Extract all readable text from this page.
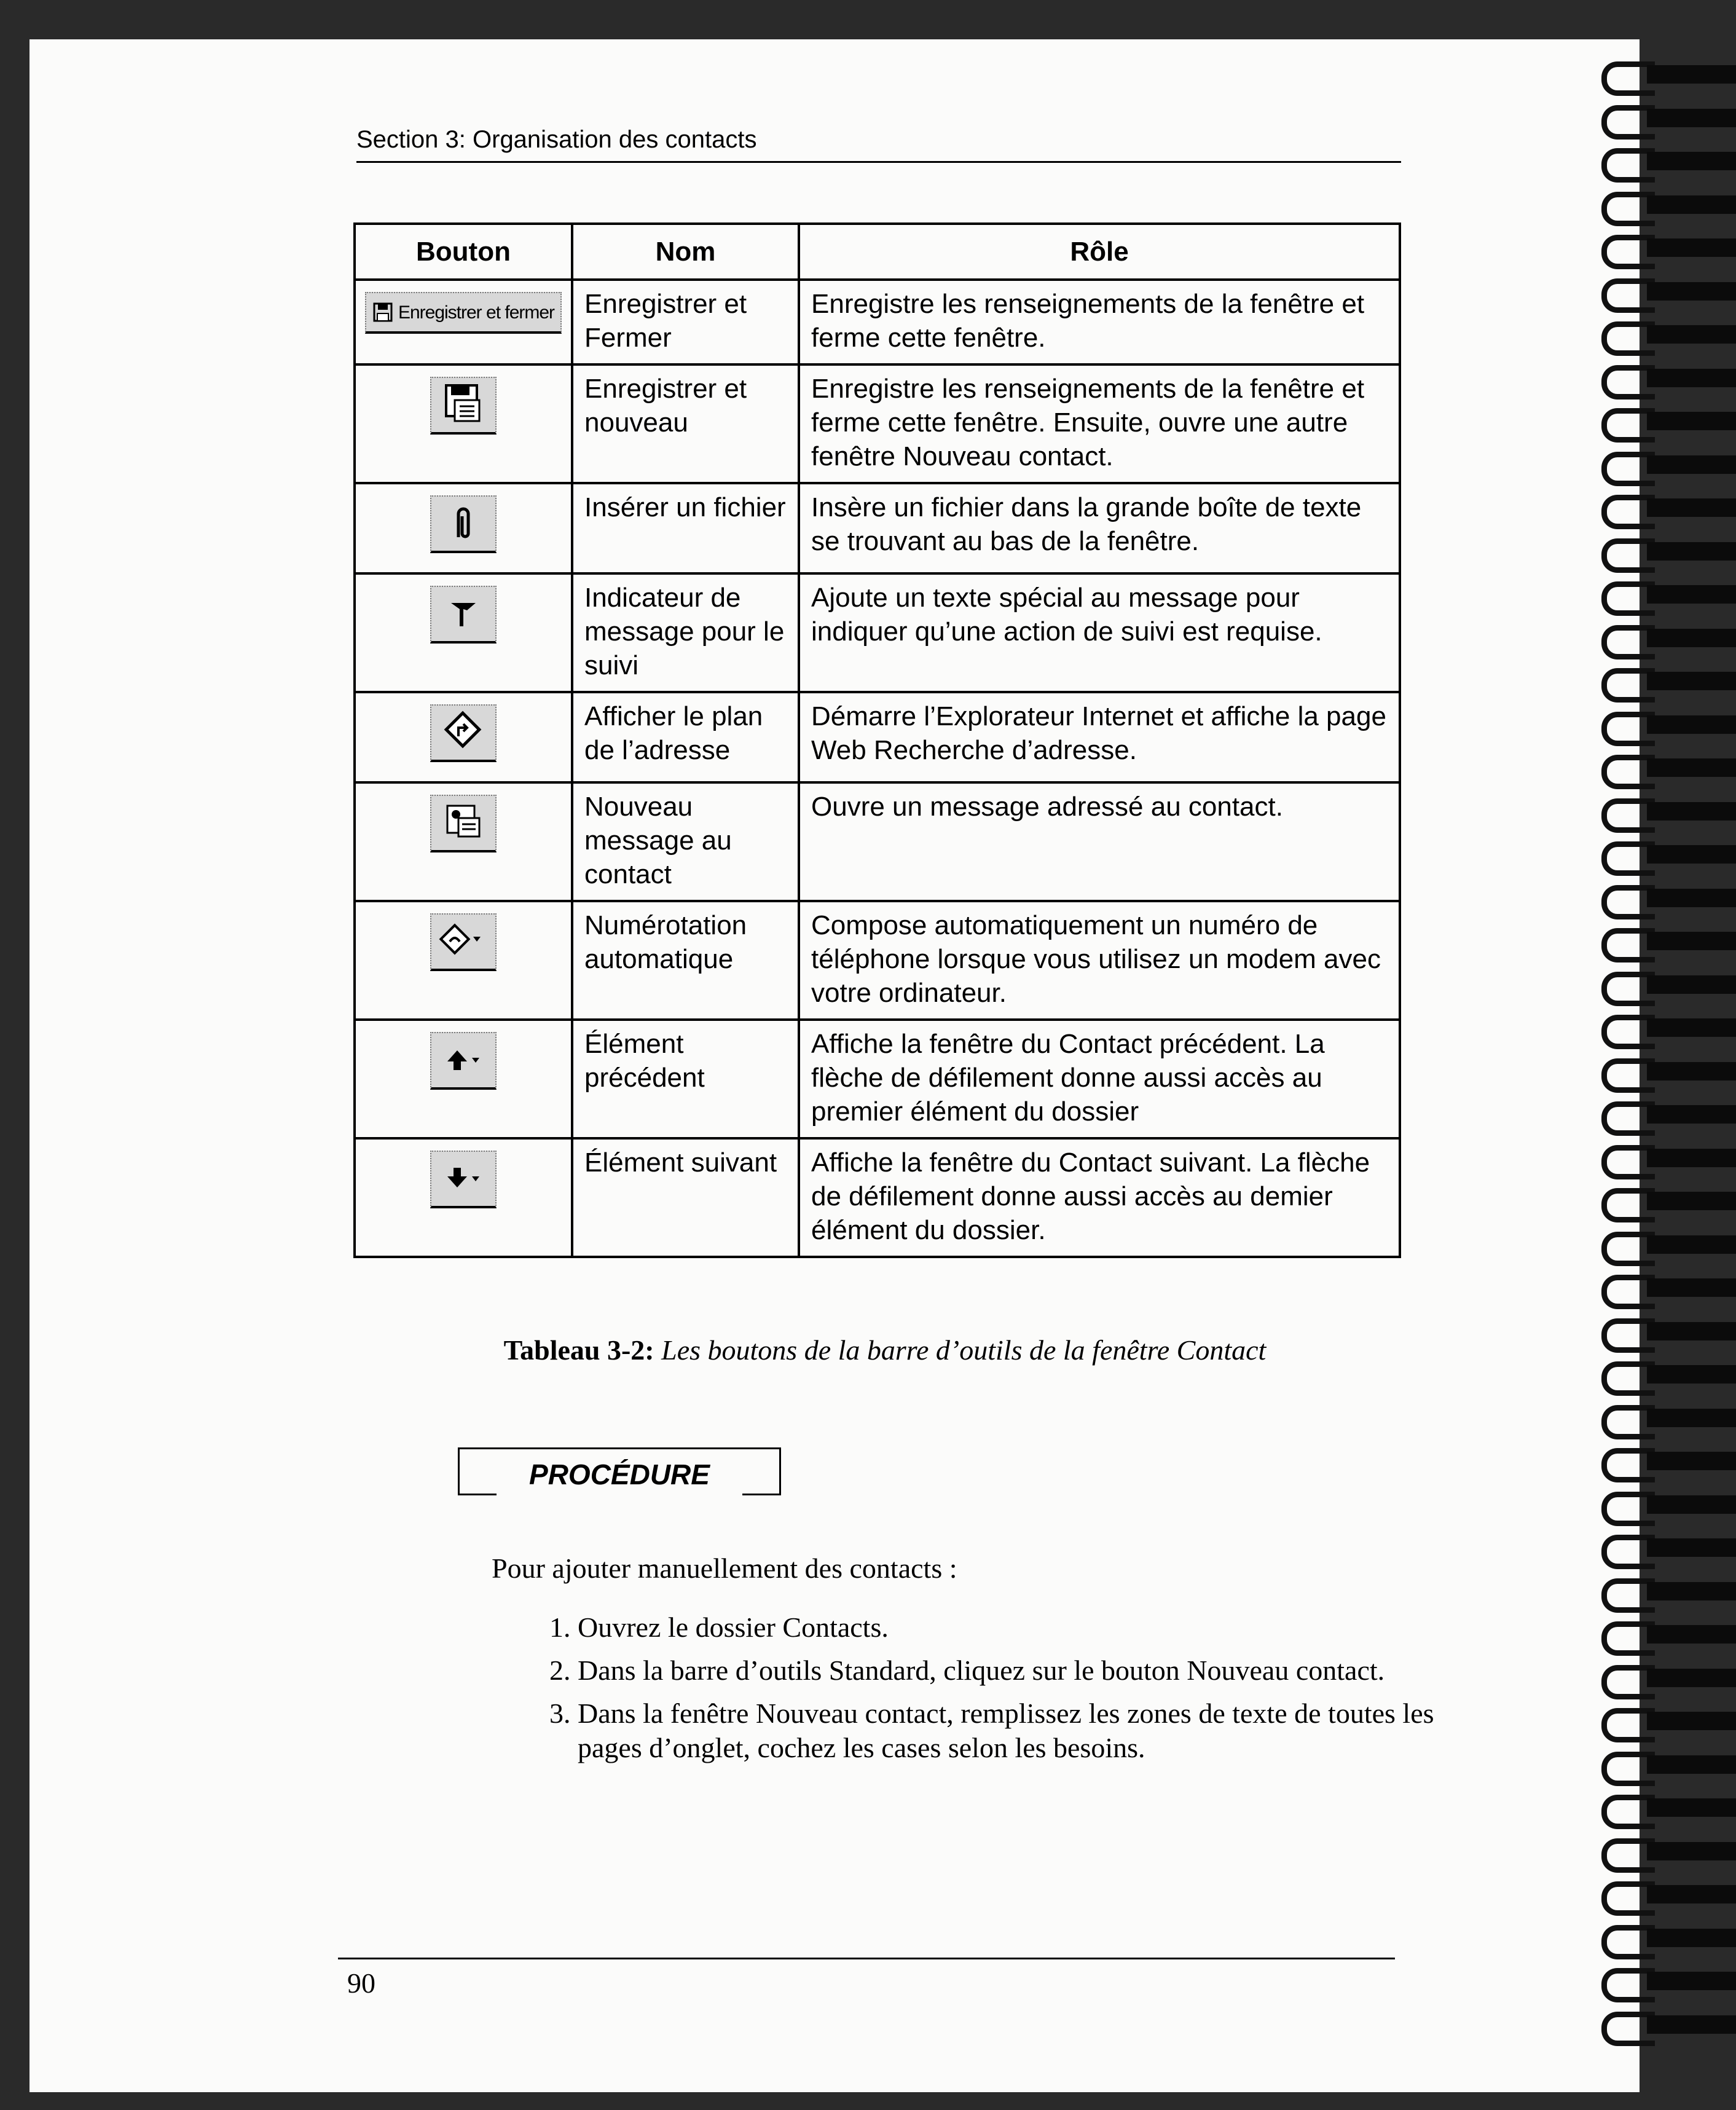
Section 3: Organisation des contacts
Bouton	Nom	Rôle

Enregistrer et fermer	Enregistrer et Fermer	Enregistre les renseignements de la fenêtre et ferme cette fenêtre.

	Enregistrer et nouveau	Enregistre les renseignements de la fenêtre et ferme cette fenêtre. Ensuite, ouvre une autre fenêtre Nouveau contact.

	Insérer un fichier	Insère un fichier dans la grande boîte de texte se trouvant au bas de la fenêtre.

	Indicateur de message pour le suivi	Ajoute un texte spécial au message pour indiquer qu’une action de suivi est requise.

	Afficher le plan de l’adresse	Démarre l’Explorateur Internet et affiche la page Web Recherche d’adresse.

	Nouveau message au contact	Ouvre un message adressé au contact.

	Numérotation automatique	Compose automatiquement un numéro de téléphone lorsque vous utilisez un modem avec votre ordinateur.

	Élément précédent	Affiche la fenêtre du Contact précédent. La flèche de défilement donne aussi accès au premier élément du dossier

	Élément suivant	Affiche la fenêtre du Contact suivant. La flèche de défilement donne aussi accès au demier élément du dossier.
Tableau 3-2: Les boutons de la barre d’outils de la fenêtre Contact
PROCÉDURE
Pour ajouter manuellement des contacts :
1. Ouvrez le dossier Contacts.
2. Dans la barre d’outils Standard, cliquez sur le bouton Nouveau contact.
3. Dans la fenêtre Nouveau contact, remplissez les zones de texte de toutes les pages d’onglet, cochez les cases selon les besoins.
90
